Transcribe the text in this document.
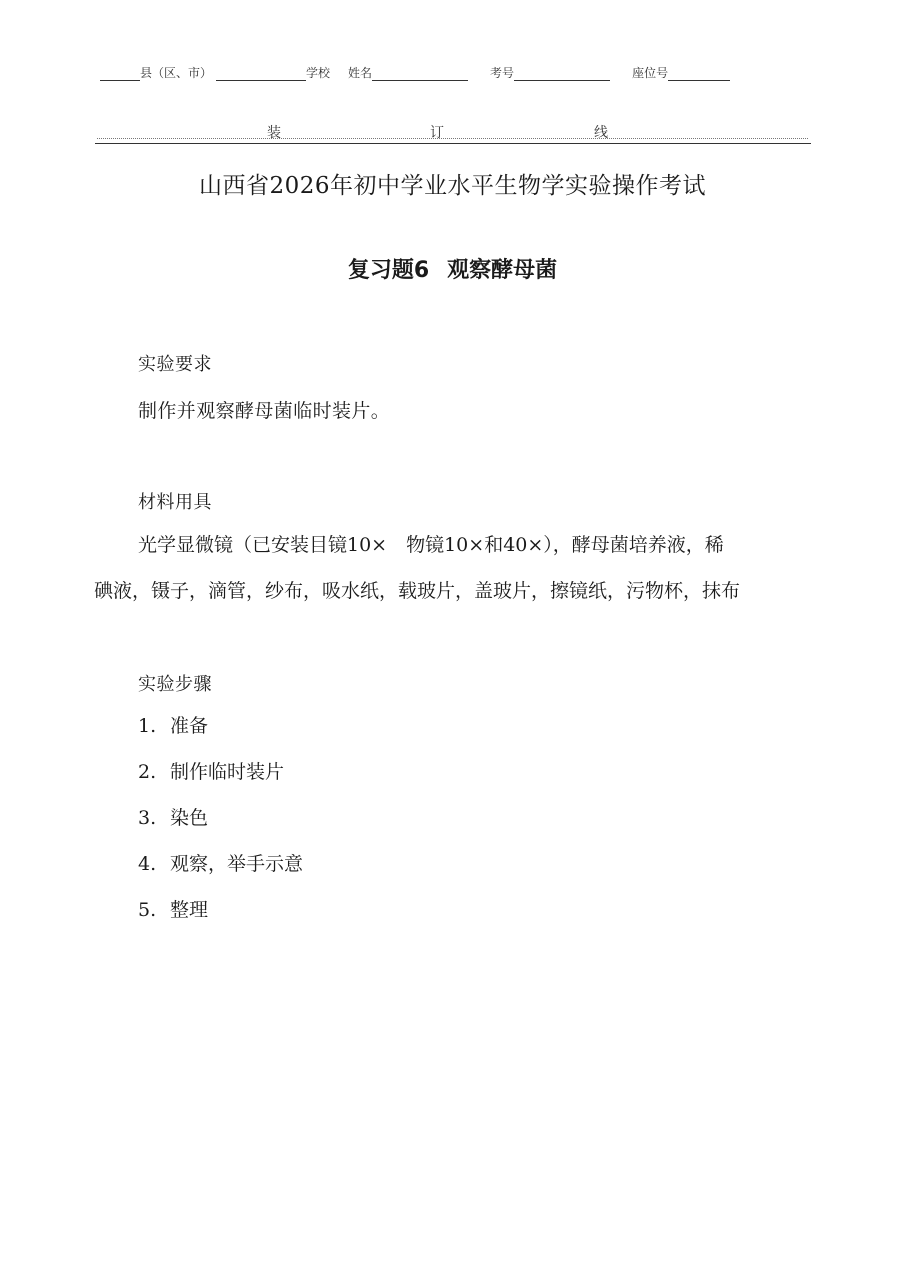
县（区、市）	学校 姓名	考号	座位号
装	订	线
山西省2026年初中学业水平生物学实验操作考试
复习题6 观察酵母菌
实验要求
制作并观察酵母菌临时装片。
材料用具
光学显微镜（已安装目镜10×　物镜10×和40×），酵母菌培养液，稀
碘液，镊子，滴管，纱布，吸水纸，载玻片，盖玻片，擦镜纸，污物杯，抹布
实验步骤
1. 准备
2. 制作临时装片
3. 染色
4. 观察，举手示意
5. 整理
